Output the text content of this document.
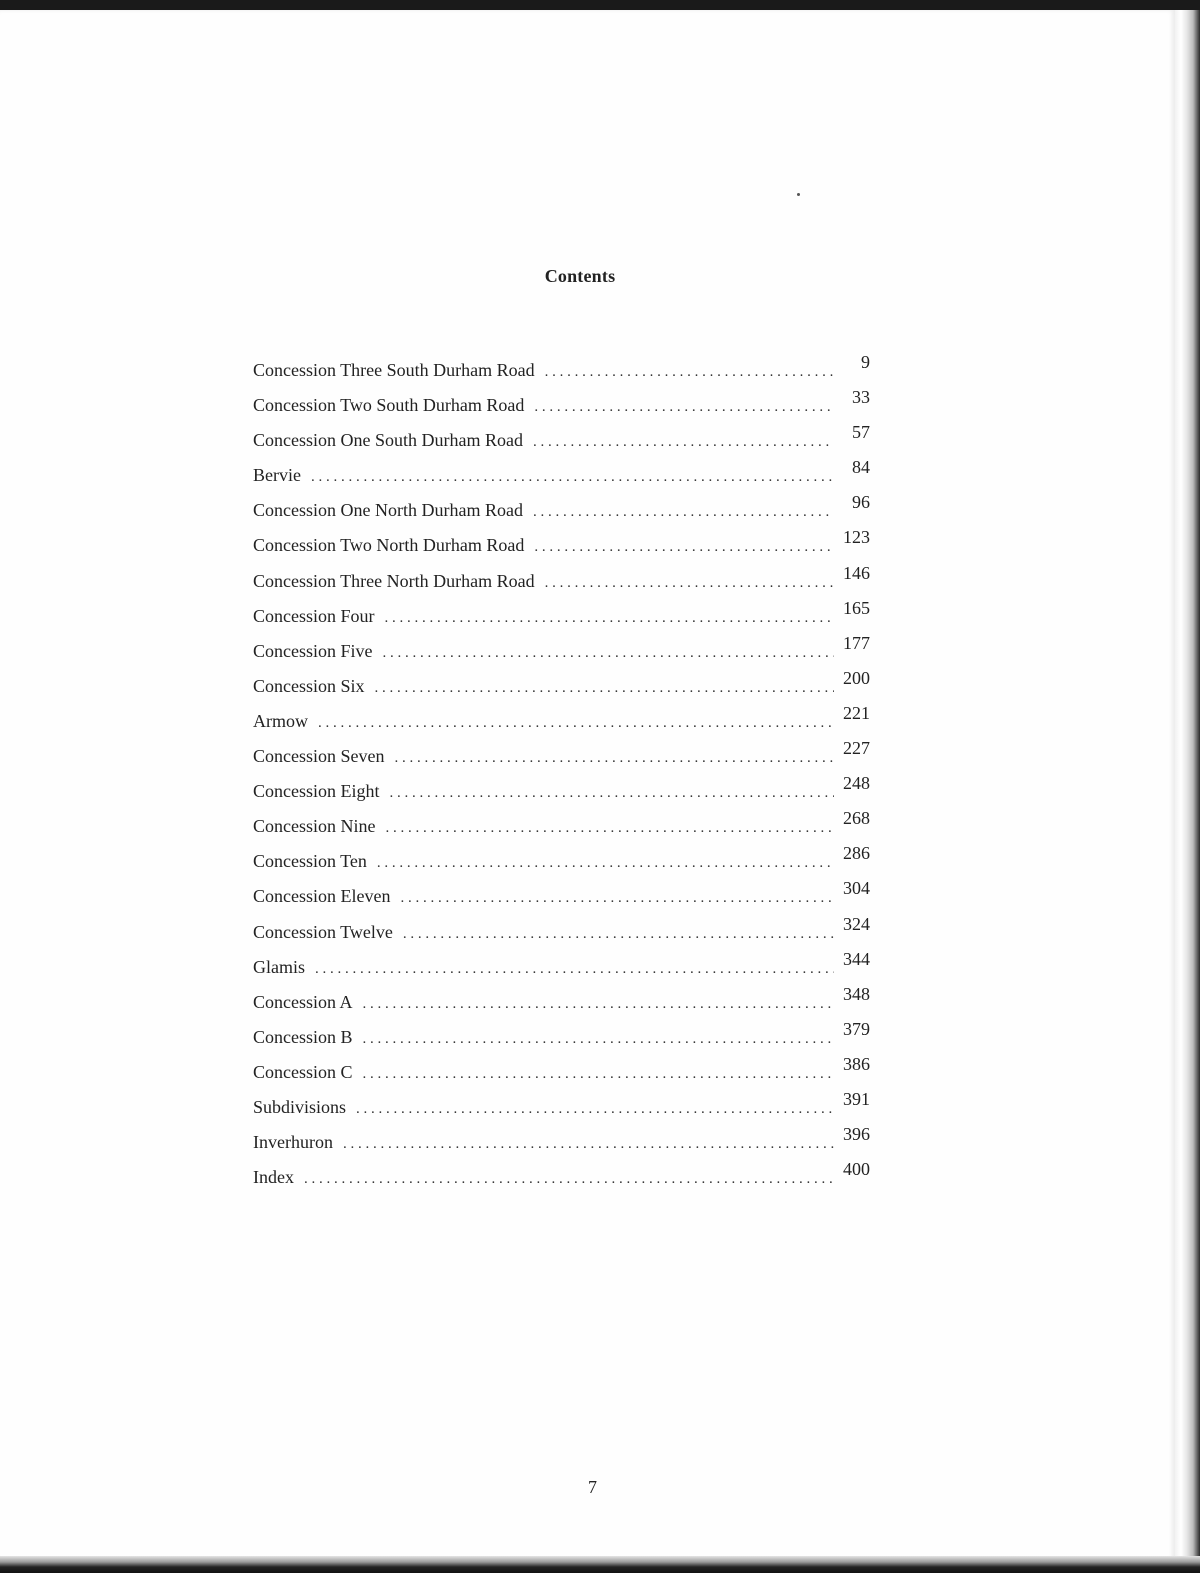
Contents
Concession Three South Durham Road . . .	9
Concession Two South Durham Road . . .	33
Concession One South Durham Road . . .	57
Bervie . . .	84
Concession One North Durham Road . . .	96
Concession Two North Durham Road . . .	123
Concession Three North Durham Road . . .	146
Concession Four . . .	165
Concession Five . . .	177
Concession Six . . .	200
Armow . . .	221
Concession Seven . . .	227
Concession Eight . . .	248
Concession Nine . . .	268
Concession Ten . . .	286
Concession Eleven . . .	304
Concession Twelve . . .	324
Glamis . . .	344
Concession A . . .	348
Concession B . . .	379
Concession C . . .	386
Subdivisions . . .	391
Inverhuron . . .	396
Index . . .	400
7
